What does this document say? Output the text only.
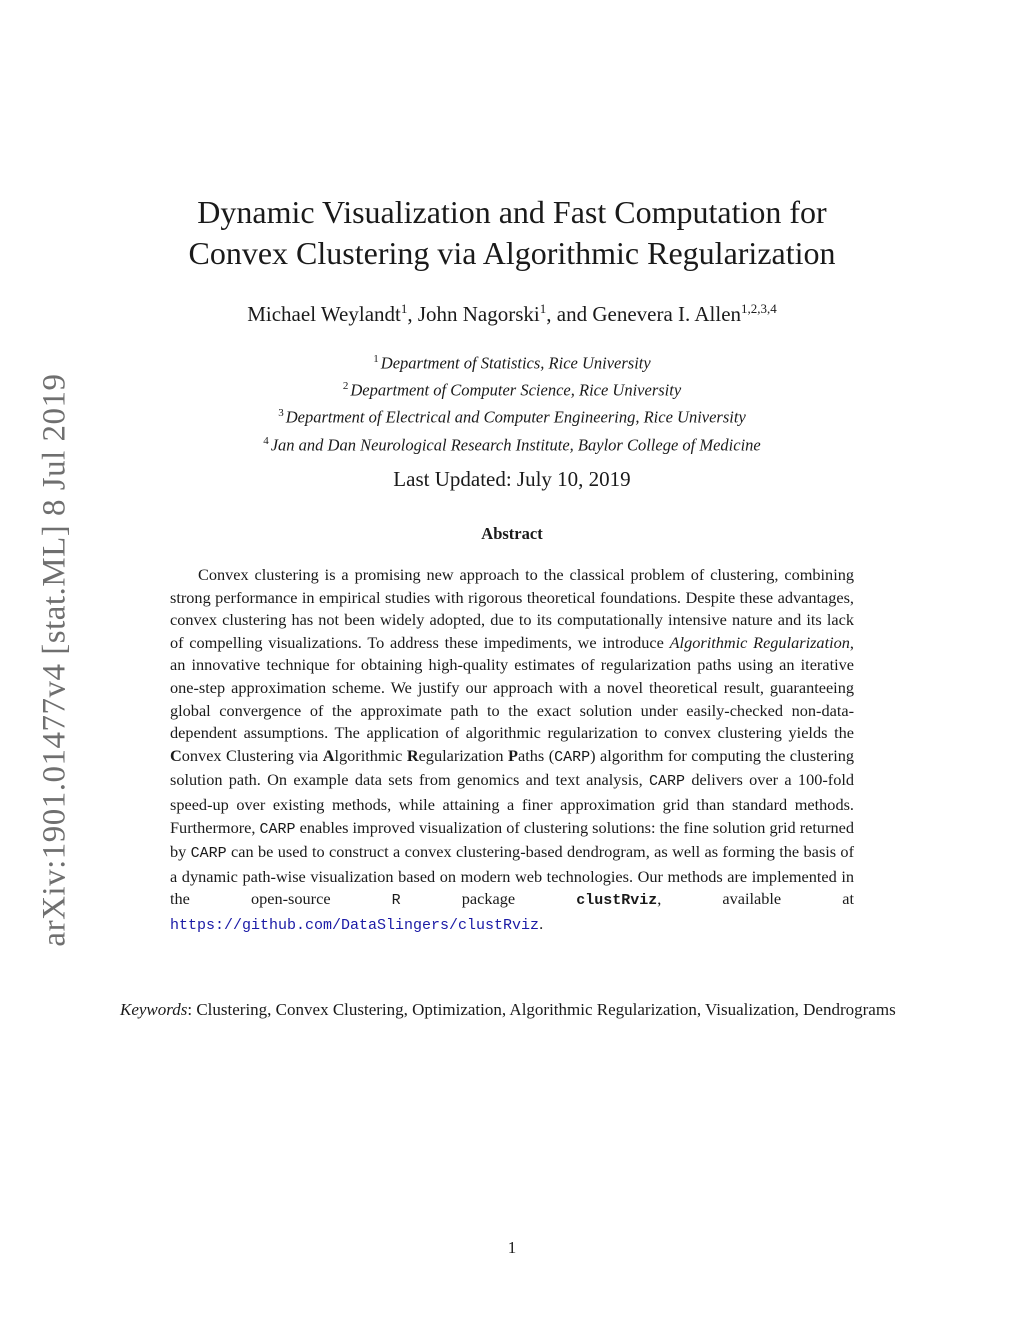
arXiv:1901.01477v4 [stat.ML] 8 Jul 2019
Dynamic Visualization and Fast Computation for
Convex Clustering via Algorithmic Regularization
Michael Weylandt$^1$, John Nagorski$^1$, and Genevera I. Allen$^{1,2,3,4}$
$^1$ Department of Statistics, Rice University
$^2$ Department of Computer Science, Rice University
$^3$ Department of Electrical and Computer Engineering, Rice University
$^4$ Jan and Dan Neurological Research Institute, Baylor College of Medicine
Last Updated: July 10, 2019
Abstract

Convex clustering is a promising new approach to the classical problem of clustering, combining strong performance in empirical studies with rigorous theoretical foundations. Despite these advantages, convex clustering has not been widely adopted, due to its computationally intensive nature and its lack of compelling visualizations. To address these impediments, we introduce Algorithmic Regularization, an innovative technique for obtaining high-quality estimates of regularization paths using an iterative one-step approximation scheme. We justify our approach with a novel theoretical result, guaranteeing global convergence of the approximate path to the exact solution under easily-checked non-data-dependent assumptions. The application of algorithmic regularization to convex clustering yields the Convex Clustering via Algorithmic Regularization Paths (CARP) algorithm for computing the clustering solution path. On example data sets from genomics and text analysis, CARP delivers over a 100-fold speed-up over existing methods, while attaining a finer approximation grid than standard methods. Furthermore, CARP enables improved visualization of clustering solutions: the fine solution grid returned by CARP can be used to construct a convex clustering-based dendrogram, as well as forming the basis of a dynamic path-wise visualization based on modern web technologies. Our methods are implemented in the open-source R package clustRviz, available at https://github.com/DataSlingers/clustRviz.

Keywords: Clustering, Convex Clustering, Optimization, Algorithmic Regularization, Visualization, Dendrograms

1
